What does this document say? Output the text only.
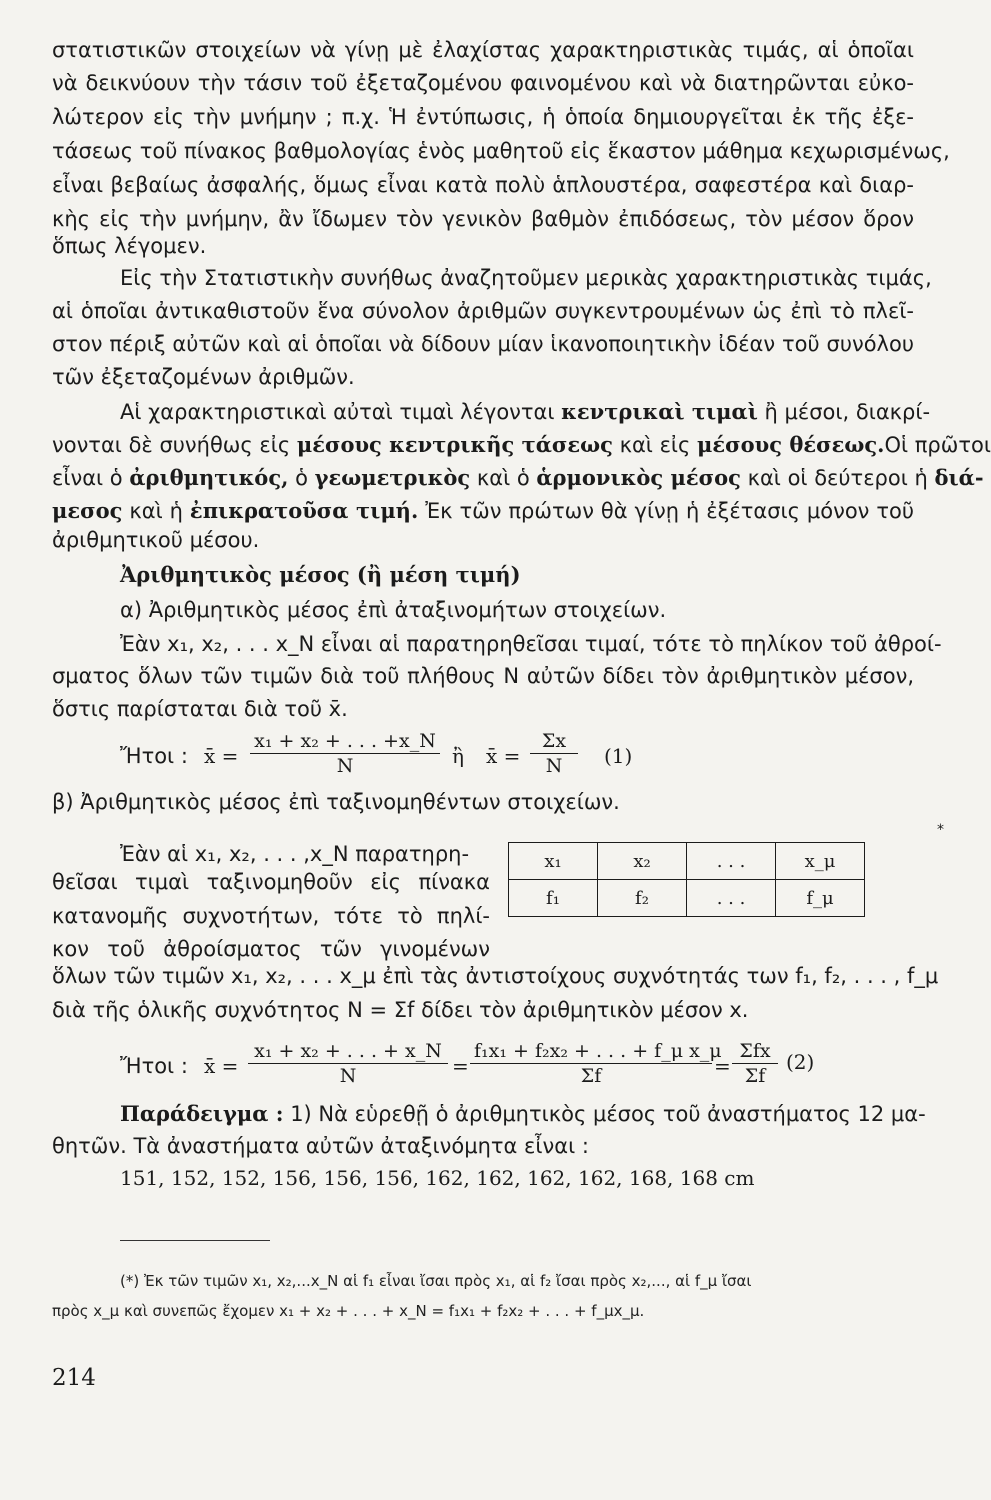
στατιστικῶν στοιχείων νὰ γίνῃ μὲ ἐλαχίστας χαρακτηριστικὰς τιμάς, αἱ ὁποῖαι
νὰ δεικνύουν τὴν τάσιν τοῦ ἐξεταζομένου φαινομένου καὶ νὰ διατηρῶνται εὐκο-
λώτερον εἰς τὴν μνήμην ; π.χ. Ἡ ἐντύπωσις, ἡ ὁποία δημιουργεῖται ἐκ τῆς ἐξε-
τάσεως τοῦ πίνακος βαθμολογίας ἑνὸς μαθητοῦ εἰς ἕκαστον μάθημα κεχωρισμένως,
εἶναι βεβαίως ἀσφαλής, ὅμως εἶναι κατὰ πολὺ ἁπλουστέρα, σαφεστέρα καὶ διαρ-
κὴς εἰς τὴν μνήμην, ἂν ἴδωμεν τὸν γενικὸν βαθμὸν ἐπιδόσεως, τὸν μέσον ὅρον
ὅπως λέγομεν.
Εἰς τὴν Στατιστικὴν συνήθως ἀναζητοῦμεν μερικὰς χαρακτηριστικὰς τιμάς,
αἱ ὁποῖαι ἀντικαθιστοῦν ἕνα σύνολον ἀριθμῶν συγκεντρουμένων ὡς ἐπὶ τὸ πλεῖ-
στον πέριξ αὐτῶν καὶ αἱ ὁποῖαι νὰ δίδουν μίαν ἱκανοποιητικὴν ἰδέαν τοῦ συνόλου
τῶν ἐξεταζομένων ἀριθμῶν.
Αἱ χαρακτηριστικαὶ αὐταὶ τιμαὶ λέγονται κεντρικαὶ τιμαὶ ἢ μέσοι, διακρί-
νονται δὲ συνήθως εἰς μέσους κεντρικῆς τάσεως καὶ εἰς μέσους θέσεως.Οἱ πρῶτοι
εἶναι ὁ ἀριθμητικός, ὁ γεωμετρικὸς καὶ ὁ ἁρμονικὸς μέσος καὶ οἱ δεύτεροι ἡ διά-
μεσος καὶ ἡ ἐπικρατοῦσα τιμή. Ἐκ τῶν πρώτων θὰ γίνῃ ἡ ἐξέτασις μόνον τοῦ
ἀριθμητικοῦ μέσου.
Ἀριθμητικὸς μέσος (ἢ μέση τιμή)
α) Ἀριθμητικὸς μέσος ἐπὶ ἀταξινομήτων στοιχείων.
Ἐὰν x₁, x₂, . . . x_N εἶναι αἱ παρατηρηθεῖσαι τιμαί, τότε τὸ πηλίκον τοῦ ἀθροί-
σματος ὅλων τῶν τιμῶν διὰ τοῦ πλήθους N αὐτῶν δίδει τὸν ἀριθμητικὸν μέσον,
ὅστις παρίσταται διὰ τοῦ x̄.
Ἤτοι : x̄ = $\frac{\text{x₁ + x₂ + . . . +x\_N}}{N}$ ἢ x̄ = $\frac{\Sigma x}{N} (1)$
β) Ἀριθμητικὸς μέσος ἐπὶ ταξινομηθέντων στοιχείων.
Ἐὰν αἱ x₁, x₂, . . . ,x_N παρατηρη-
θεῖσαι τιμαὶ ταξινομηθοῦν εἰς πίνακα
κατανομῆς συχνοτήτων, τότε τὸ πηλί-
κον τοῦ ἀθροίσματος τῶν γινομένων
ὅλων τῶν τιμῶν x₁, x₂, . . . x_μ ἐπὶ τὰς ἀντιστοίχους συχνότητάς των f₁, f₂, . . . , f_μ
διὰ τῆς ὁλικῆς συχνότητος N = Σf δίδει τὸν ἀριθμητικὸν μέσον x.
x₁	x₂	. . .	x_μ
f₁	f₂	. . .	f_μ
*
Ἤτοι : x̄ = $\frac{\text{x₁ + x₂ + . . . + x\_N}}{N} = \frac{\text{f₁x₁ + f₂x₂ + . . . + f\_μ x\_μ}}{\Sigma f}$ =
Σfx
Σf
(2)
Παράδειγμα : 1) Νὰ εὑρεθῇ ὁ ἀριθμητικὸς μέσος τοῦ ἀναστήματος 12 μα-
θητῶν. Τὰ ἀναστήματα αὐτῶν ἀταξινόμητα εἶναι :
151, 152, 152, 156, 156, 156, 162, 162, 162, 162, 168, 168 cm
(*) Ἐκ τῶν τιμῶν x₁, x₂,...x_N αἱ f₁ εἶναι ἴσαι πρὸς x₁, αἱ f₂ ἴσαι πρὸς x₂,..., αἱ f_μ ἴσαι
πρὸς x_μ καὶ συνεπῶς ἔχομεν x₁ + x₂ + . . . + x_N = f₁x₁ + f₂x₂ + . . . + f_μx_μ.
214
